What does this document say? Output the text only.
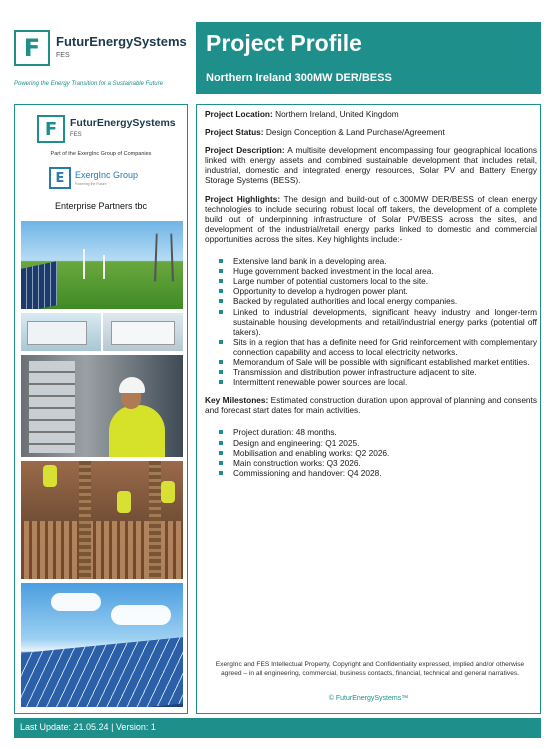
F FuturEnergySystems
FES
Powering the Energy Transition for a Sustainable Future
Project Profile
Northern Ireland 300MW DER/BESS
F FuturEnergySystems
FES
Part of the ExergInc Group of Companies
E ExergInc Group
Powering the Future
Enterprise Partners tbc

Project Location: Northern Ireland, United Kingdom

Project Status: Design Conception & Land Purchase/Agreement

Project Description: A multisite development encompassing four geographical locations linked with energy assets and combined sustainable development that includes retail, industrial, domestic and integrated energy resources, Solar PV and Battery Energy Storage Systems (BESS).

Project Highlights: The design and build-out of c.300MW DER/BESS of clean energy technologies to include securing robust local off takers, the development of a complete build out of underpinning infrastructure of Solar PV/BESS across the sites, and development of the industrial/retail energy parks linked to domestic and commercial opportunities across the sites. Key highlights include:-

Extensive land bank in a developing area.
Huge government backed investment in the local area.
Large number of potential customers local to the site.
Opportunity to develop a hydrogen power plant.
Backed by regulated authorities and local energy companies.
Linked to industrial developments, significant heavy industry and longer-term sustainable housing developments and retail/industrial energy parks (potential off takers).
Sits in a region that has a definite need for Grid reinforcement with complementary connection capability and access to local electricity networks.
Memorandum of Sale will be possible with significant established market entities.
Transmission and distribution power infrastructure adjacent to site.
Intermittent renewable power sources are local.

Key Milestones: Estimated construction duration upon approval of planning and consents and forecast start dates for main activities.

Project duration: 48 months.
Design and engineering: Q1 2025.
Mobilisation and enabling works: Q2 2026.
Main construction works: Q3 2026.
Commissioning and handover: Q4 2028.
ExergInc and FES Intellectual Property, Copyright and Confidentiality expressed, implied and/or otherwise agreed – in all engineering, commercial, business contacts, financial, technical and general narratives.
© FuturEnergySystems™
Last Update: 21.05.24 | Version: 1
